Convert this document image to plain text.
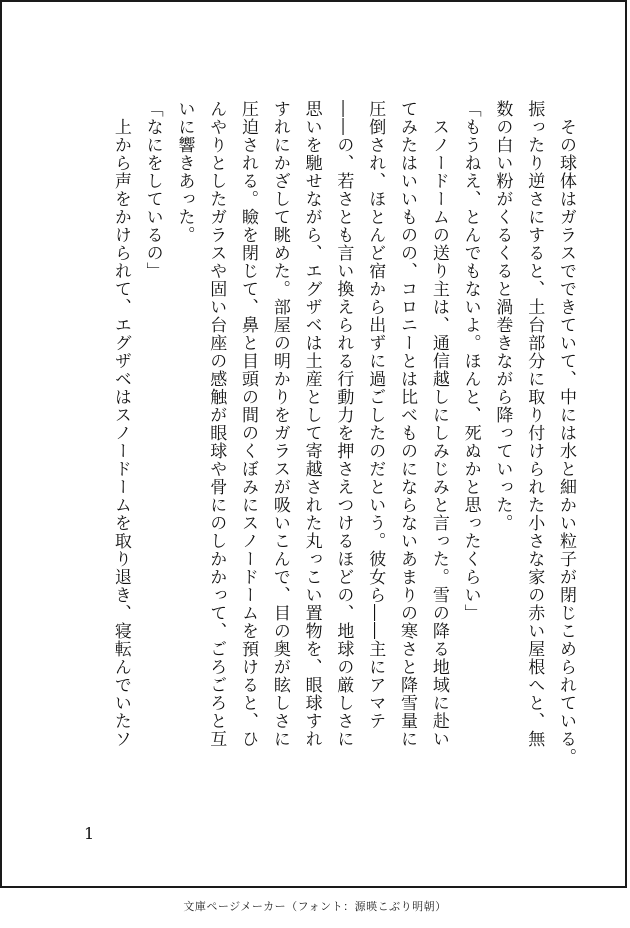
　その球体はガラスでできていて、中には水と細かい粒子が閉じこめられている。

振ったり逆さにすると、土台部分に取り付けられた小さな家の赤い屋根へと、無

数の白い粉がくるくると渦巻きながら降っていった。

「もうねえ、とんでもないよ。ほんと、死ぬかと思ったくらい」

　スノードームの送り主は、通信越しにしみじみと言った。雪の降る地域に赴い

てみたはいいものの、コロニーとは比べものにならないあまりの寒さと降雪量に

圧倒され、ほとんど宿から出ずに過ごしたのだという。彼女ら――主にアマテ

――の、若さとも言い換えられる行動力を押さえつけるほどの、地球の厳しさに

思いを馳せながら、エグザベは土産として寄越された丸っこい置物を、眼球すれ

すれにかざして眺めた。部屋の明かりをガラスが吸いこんで、目の奥が眩しさに

圧迫される。瞼を閉じて、鼻と目頭の間のくぼみにスノードームを預けると、ひ

んやりとしたガラスや固い台座の感触が眼球や骨にのしかかって、ごろごろと互

いに響きあった。

「なにをしているの」

　上から声をかけられて、エグザベはスノードームを取り退き、寝転んでいたソ

1
文庫ページメーカー（フォント：源暎こぶり明朝）
